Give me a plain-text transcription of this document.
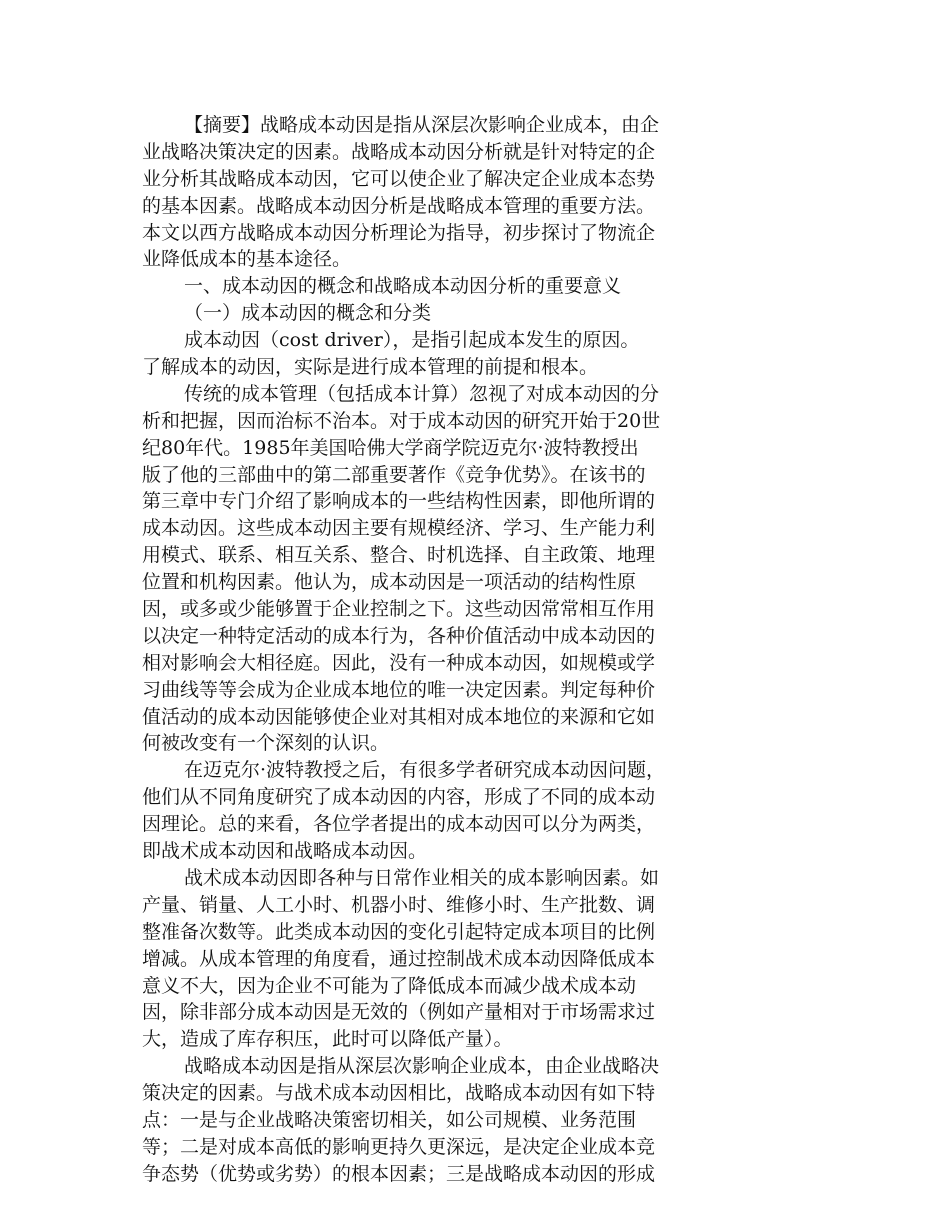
【摘要】战略成本动因是指从深层次影响企业成本，由企
业战略决策决定的因素。战略成本动因分析就是针对特定的企
业分析其战略成本动因，它可以使企业了解决定企业成本态势
的基本因素。战略成本动因分析是战略成本管理的重要方法。
本文以西方战略成本动因分析理论为指导，初步探讨了物流企
业降低成本的基本途径。
一、成本动因的概念和战略成本动因分析的重要意义
（一）成本动因的概念和分类
成本动因（cost driver），是指引起成本发生的原因。
了解成本的动因，实际是进行成本管理的前提和根本。
传统的成本管理（包括成本计算）忽视了对成本动因的分
析和把握，因而治标不治本。对于成本动因的研究开始于20世
纪80年代。1985年美国哈佛大学商学院迈克尔·波特教授出
版了他的三部曲中的第二部重要著作《竞争优势》。在该书的
第三章中专门介绍了影响成本的一些结构性因素，即他所谓的
成本动因。这些成本动因主要有规模经济、学习、生产能力利
用模式、联系、相互关系、整合、时机选择、自主政策、地理
位置和机构因素。他认为，成本动因是一项活动的结构性原
因，或多或少能够置于企业控制之下。这些动因常常相互作用
以决定一种特定活动的成本行为，各种价值活动中成本动因的
相对影响会大相径庭。因此，没有一种成本动因，如规模或学
习曲线等等会成为企业成本地位的唯一决定因素。判定每种价
值活动的成本动因能够使企业对其相对成本地位的来源和它如
何被改变有一个深刻的认识。
在迈克尔·波特教授之后，有很多学者研究成本动因问题，
他们从不同角度研究了成本动因的内容，形成了不同的成本动
因理论。总的来看，各位学者提出的成本动因可以分为两类，
即战术成本动因和战略成本动因。
战术成本动因即各种与日常作业相关的成本影响因素。如
产量、销量、人工小时、机器小时、维修小时、生产批数、调
整准备次数等。此类成本动因的变化引起特定成本项目的比例
增减。从成本管理的角度看，通过控制战术成本动因降低成本
意义不大，因为企业不可能为了降低成本而减少战术成本动
因，除非部分成本动因是无效的（例如产量相对于市场需求过
大，造成了库存积压，此时可以降低产量）。
战略成本动因是指从深层次影响企业成本，由企业战略决
策决定的因素。与战术成本动因相比，战略成本动因有如下特
点：一是与企业战略决策密切相关，如公司规模、业务范围
等；二是对成本高低的影响更持久更深远，是决定企业成本竞
争态势（优势或劣势）的根本因素；三是战略成本动因的形成
